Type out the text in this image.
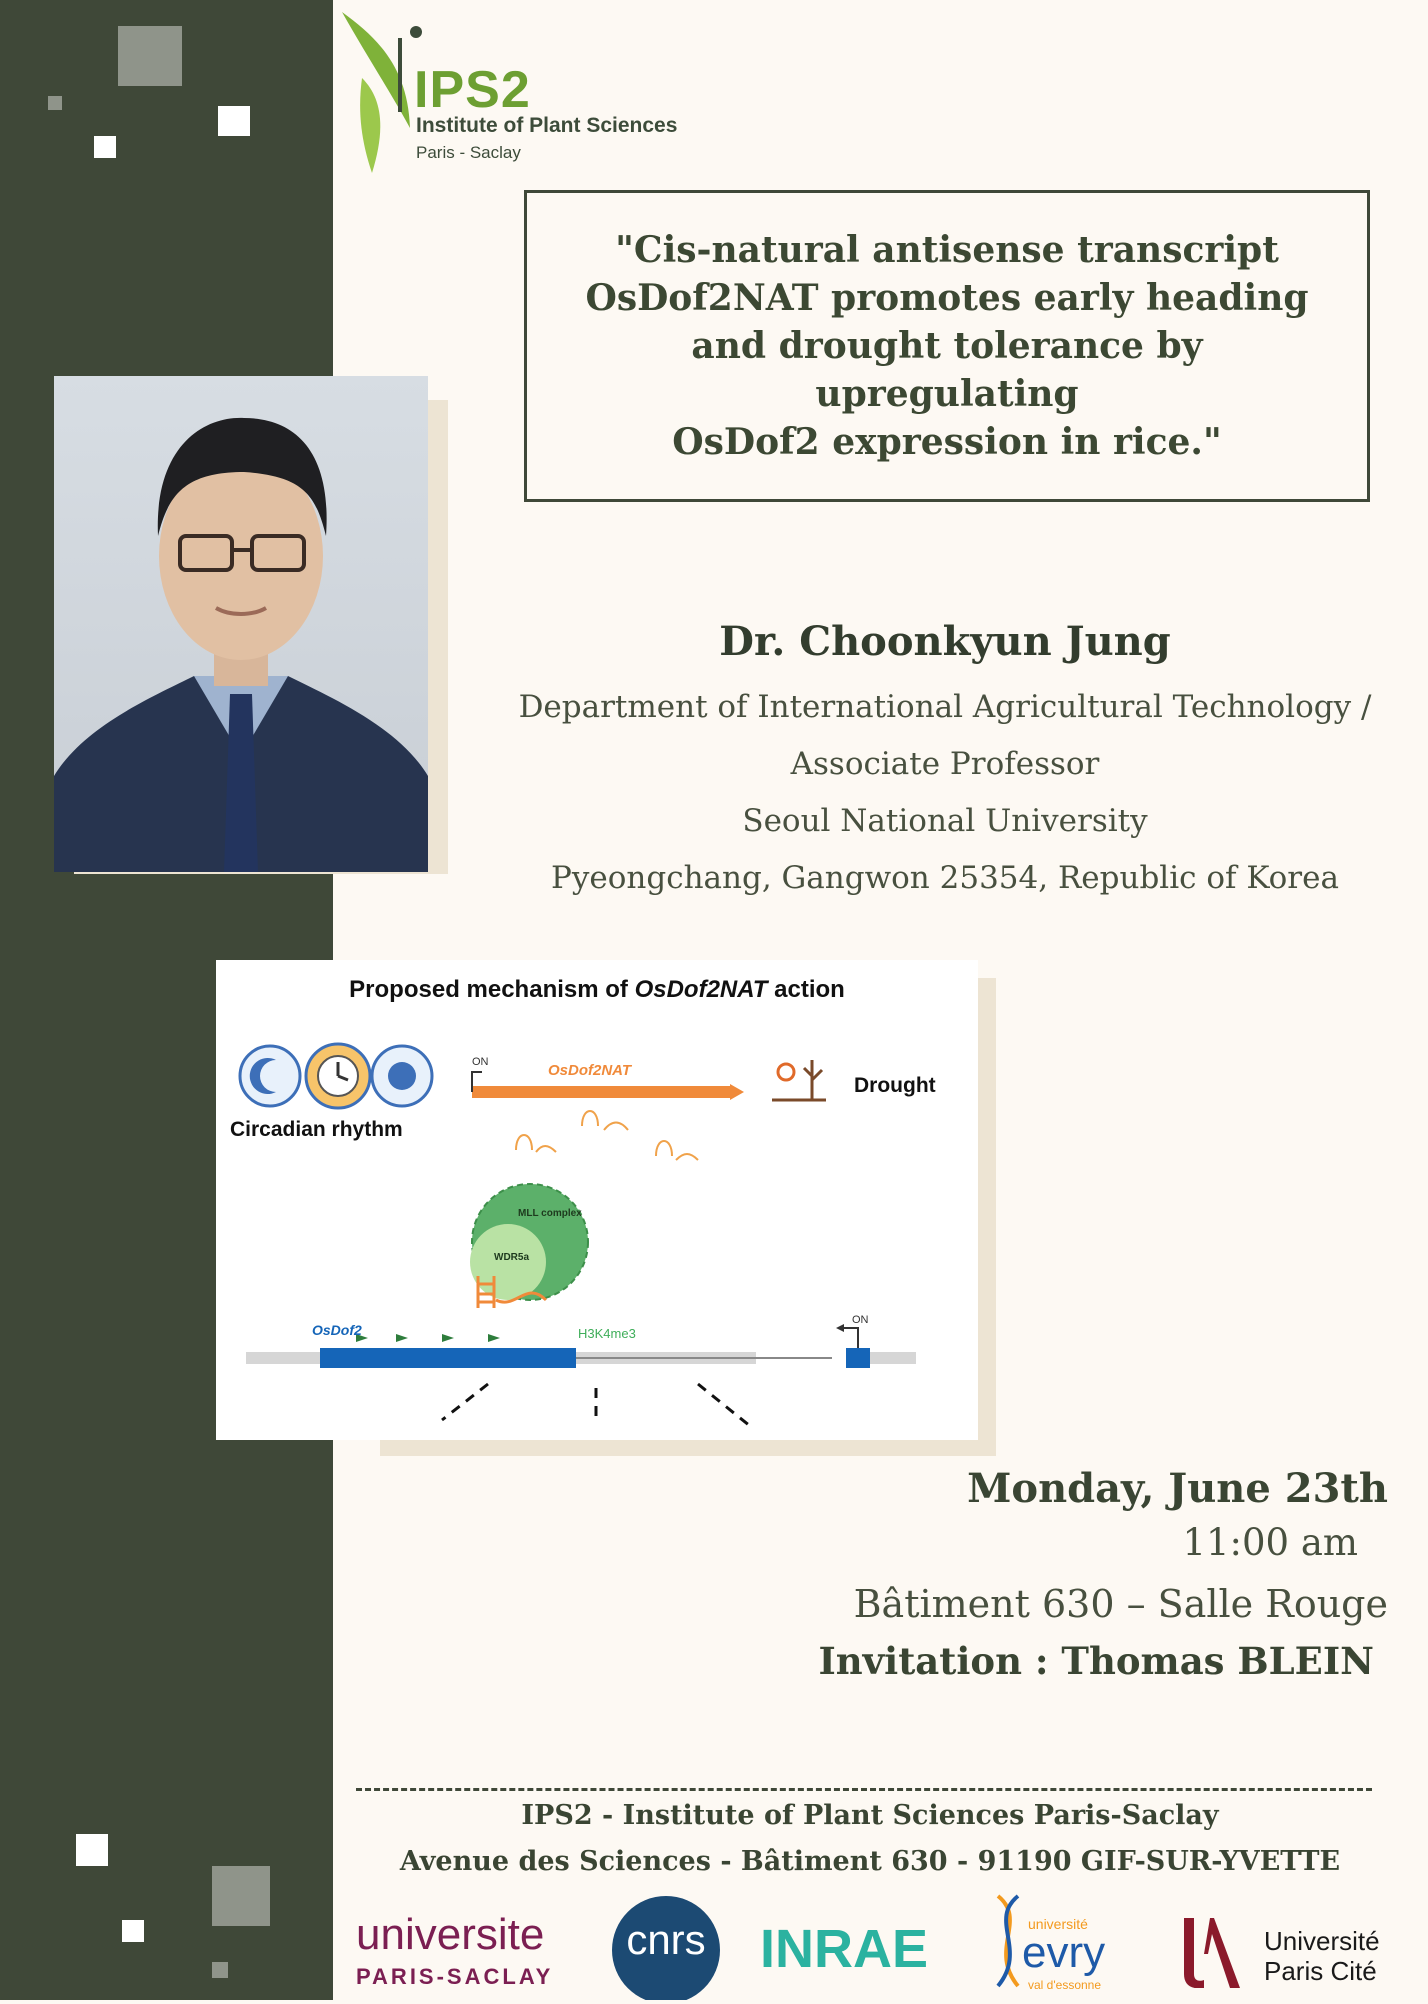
IPS2
Institute of Plant Sciences
Paris - Saclay
"Cis-natural antisense transcript
OsDof2NAT promotes early heading
and drought tolerance by upregulating
OsDof2 expression in rice."
Dr. Choonkyun Jung
Department of International Agricultural Technology /
Associate Professor
Seoul National University
Pyeongchang, Gangwon 25354, Republic of Korea
Proposed mechanism of OsDof2NAT action
Circadian rhythm
ON	OsDof2NAT
Drought
MLL complex
WDR5a
OsDof2	H3K4me3
ON
Monday, June 23th
11:00 am
Bâtiment 630 – Salle Rouge
Invitation : Thomas BLEIN
IPS2 - Institute of Plant Sciences Paris-Saclay
Avenue des Sciences - Bâtiment 630 - 91190 GIF-SUR-YVETTE
universite
PARIS-SACLAY
cnrs INRAE	université
evry
val d'essonne
Université
Paris Cité
